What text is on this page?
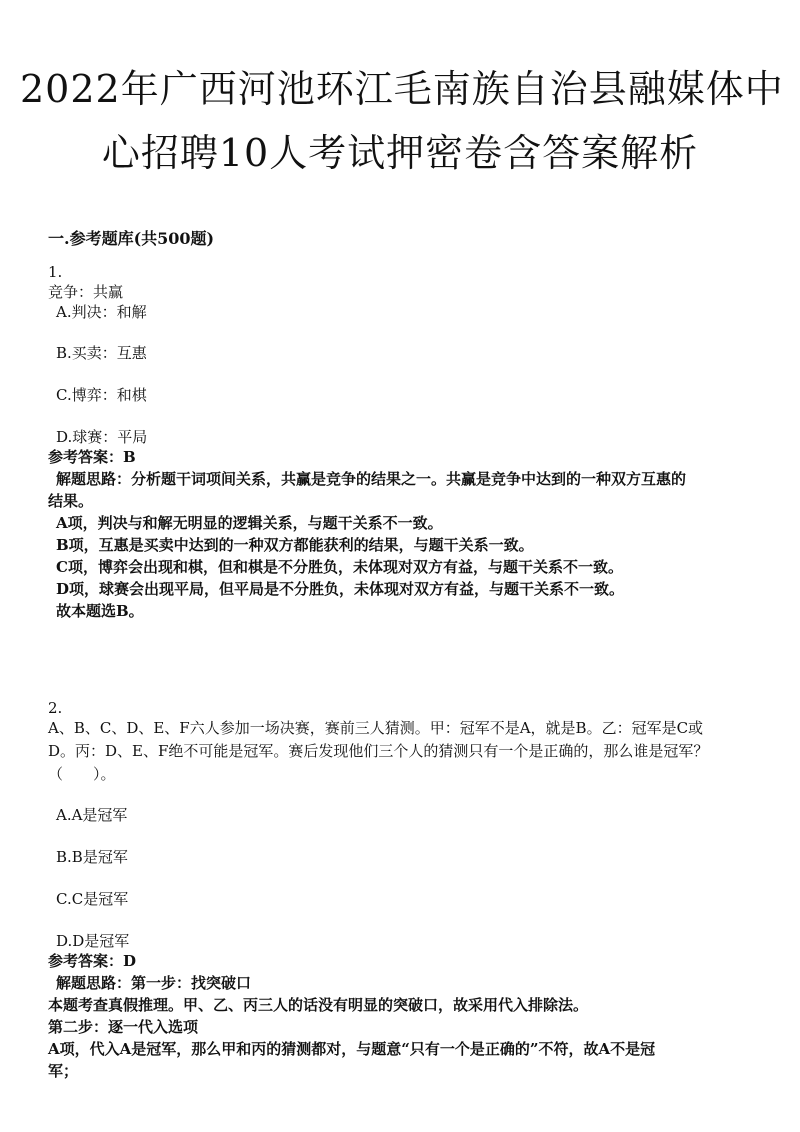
2022年广西河池环江毛南族自治县融媒体中
心招聘10人考试押密卷含答案解析
一.参考题库(共500题)
1.
竞争：共赢
A.判决：和解
B.买卖：互惠
C.博弈：和棋
D.球赛：平局
参考答案：B
解题思路：分析题干词项间关系，共赢是竞争的结果之一。共赢是竞争中达到的一种双方互惠的
结果。
A项，判决与和解无明显的逻辑关系，与题干关系不一致。
B项，互惠是买卖中达到的一种双方都能获利的结果，与题干关系一致。
C项，博弈会出现和棋，但和棋是不分胜负，未体现对双方有益，与题干关系不一致。
D项，球赛会出现平局，但平局是不分胜负，未体现对双方有益，与题干关系不一致。
故本题选B。
2.
A、B、C、D、E、F六人参加一场决赛，赛前三人猜测。甲：冠军不是A，就是B。乙：冠军是C或
D。丙：D、E、F绝不可能是冠军。赛后发现他们三个人的猜测只有一个是正确的，那么谁是冠军？
（　　）。
A.A是冠军
B.B是冠军
C.C是冠军
D.D是冠军
参考答案：D
解题思路：第一步：找突破口
本题考查真假推理。甲、乙、丙三人的话没有明显的突破口，故采用代入排除法。
第二步：逐一代入选项
A项，代入A是冠军，那么甲和丙的猜测都对，与题意“只有一个是正确的”不符，故A不是冠
军；
